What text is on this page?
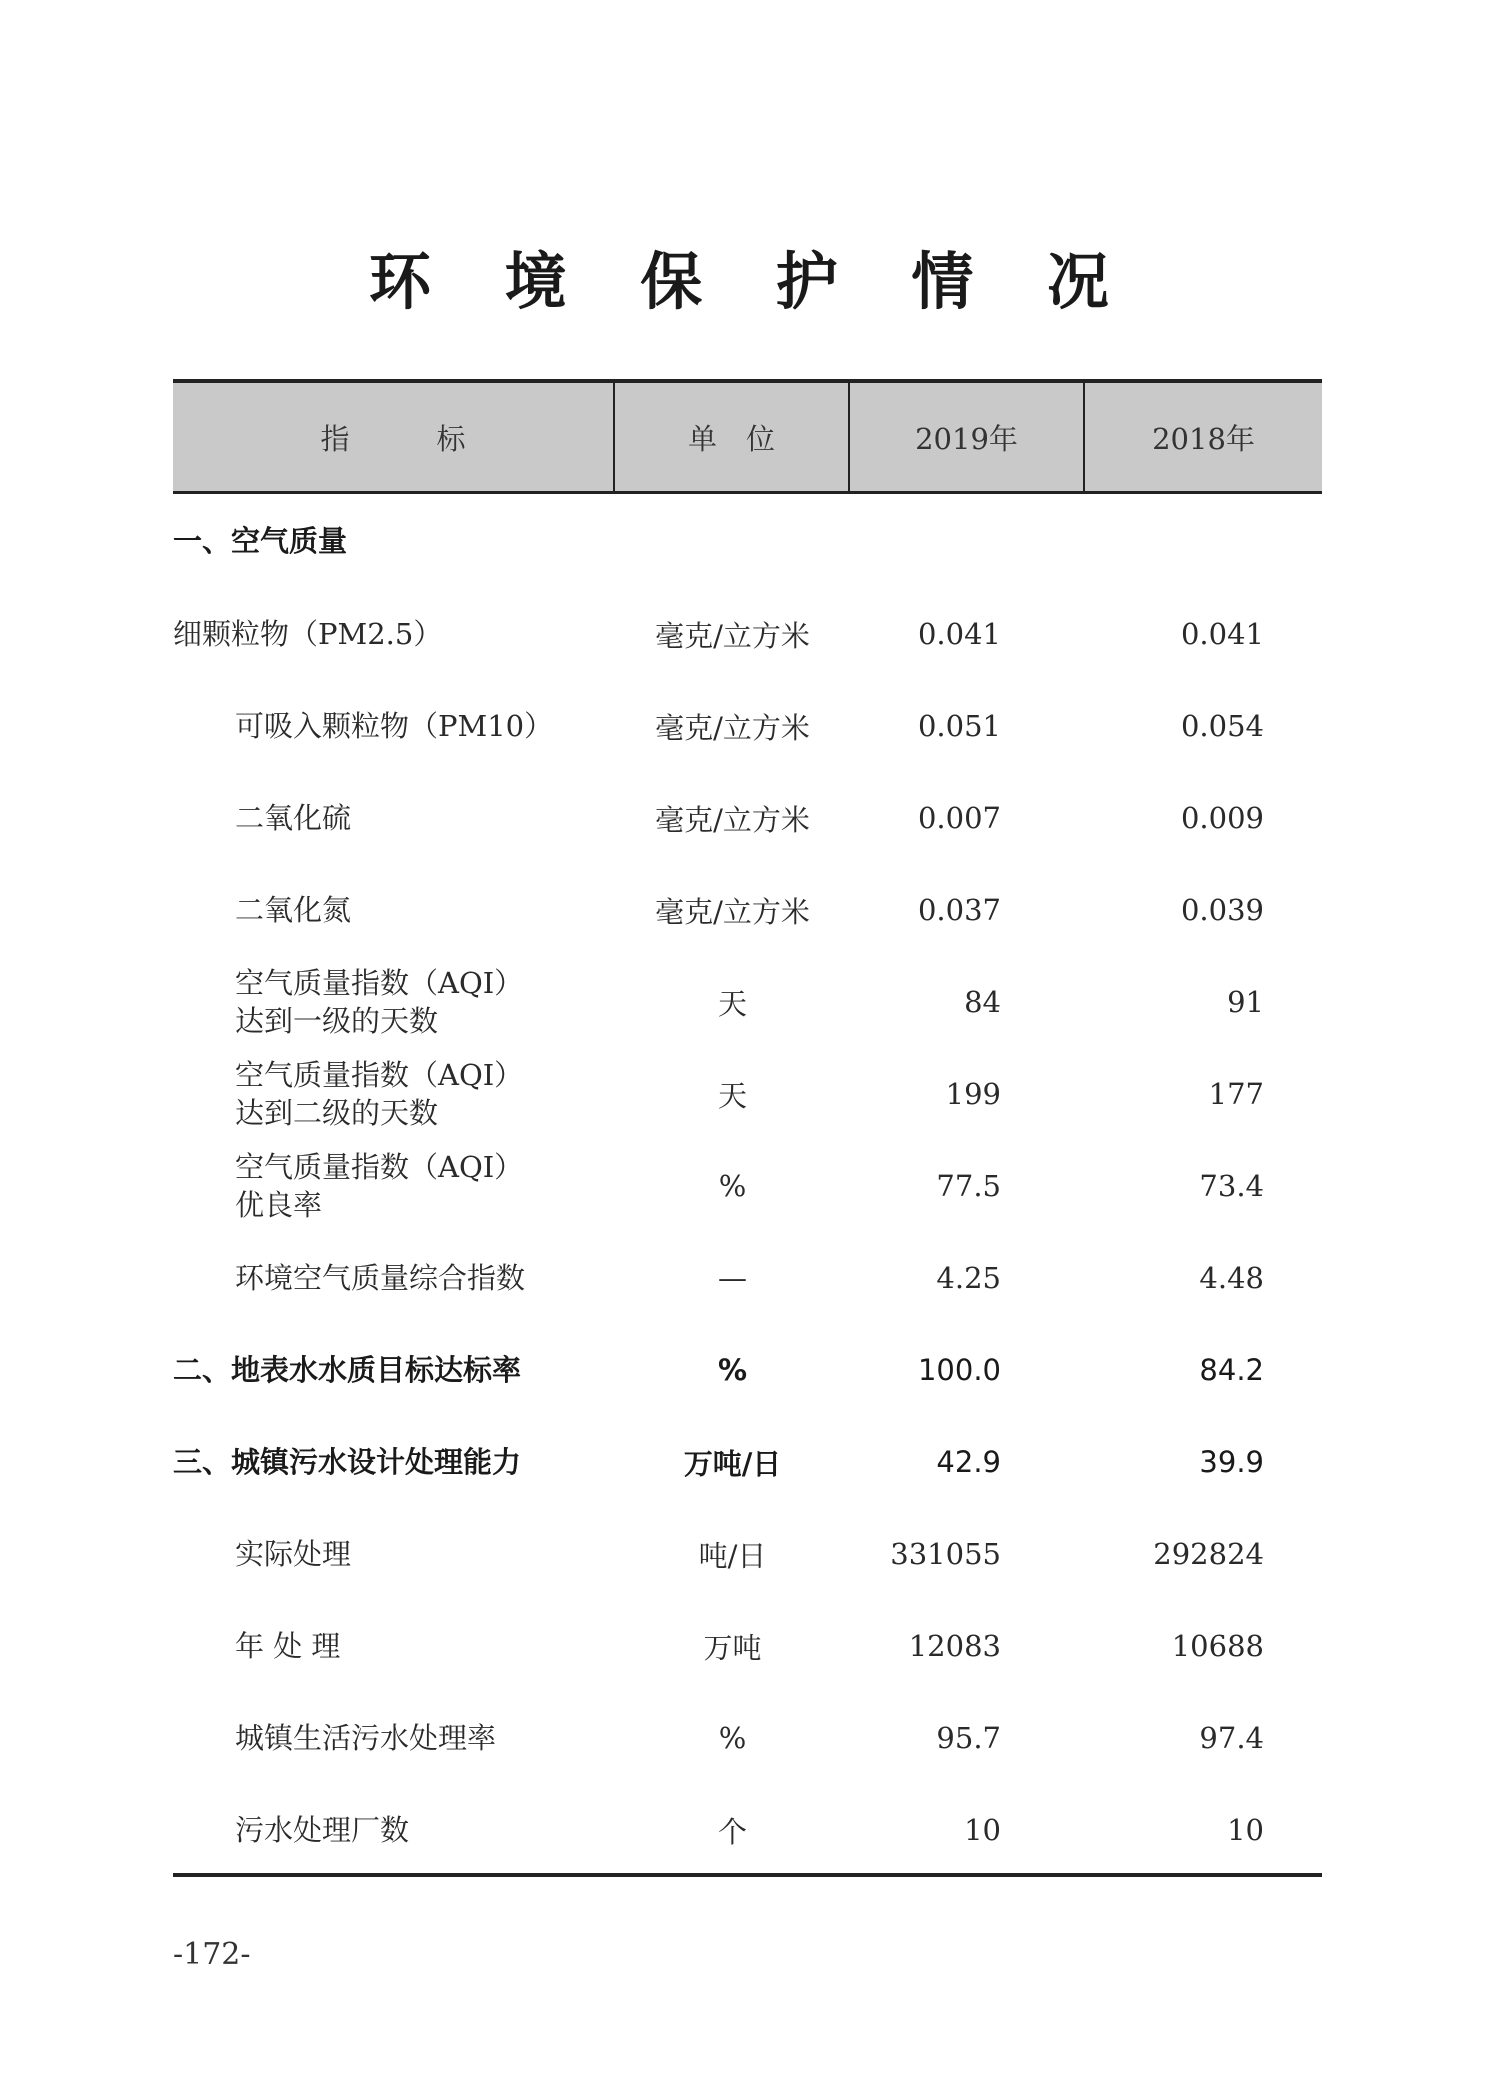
环 境 保 护 情 况
指　　　标	单　位	2019年	2018年
一、空气质量
细颗粒物（PM2.5）	毫克/立方米	0.041	0.041
可吸入颗粒物（PM10）	毫克/立方米	0.051	0.054
二氧化硫	毫克/立方米	0.007	0.009
二氧化氮	毫克/立方米	0.037	0.039
空气质量指数（AQI）
达到一级的天数
天	84	91
空气质量指数（AQI）
达到二级的天数
天	199	177
空气质量指数（AQI）
优良率
%	77.5	73.4
环境空气质量综合指数	—	4.25	4.48
二、地表水水质目标达标率	%	100.0	84.2
三、城镇污水设计处理能力	万吨/日	42.9	39.9
实际处理	吨/日	331055	292824
年 处 理	万吨	12083	10688
城镇生活污水处理率	%	95.7	97.4
污水处理厂数	个	10	10
-172-
